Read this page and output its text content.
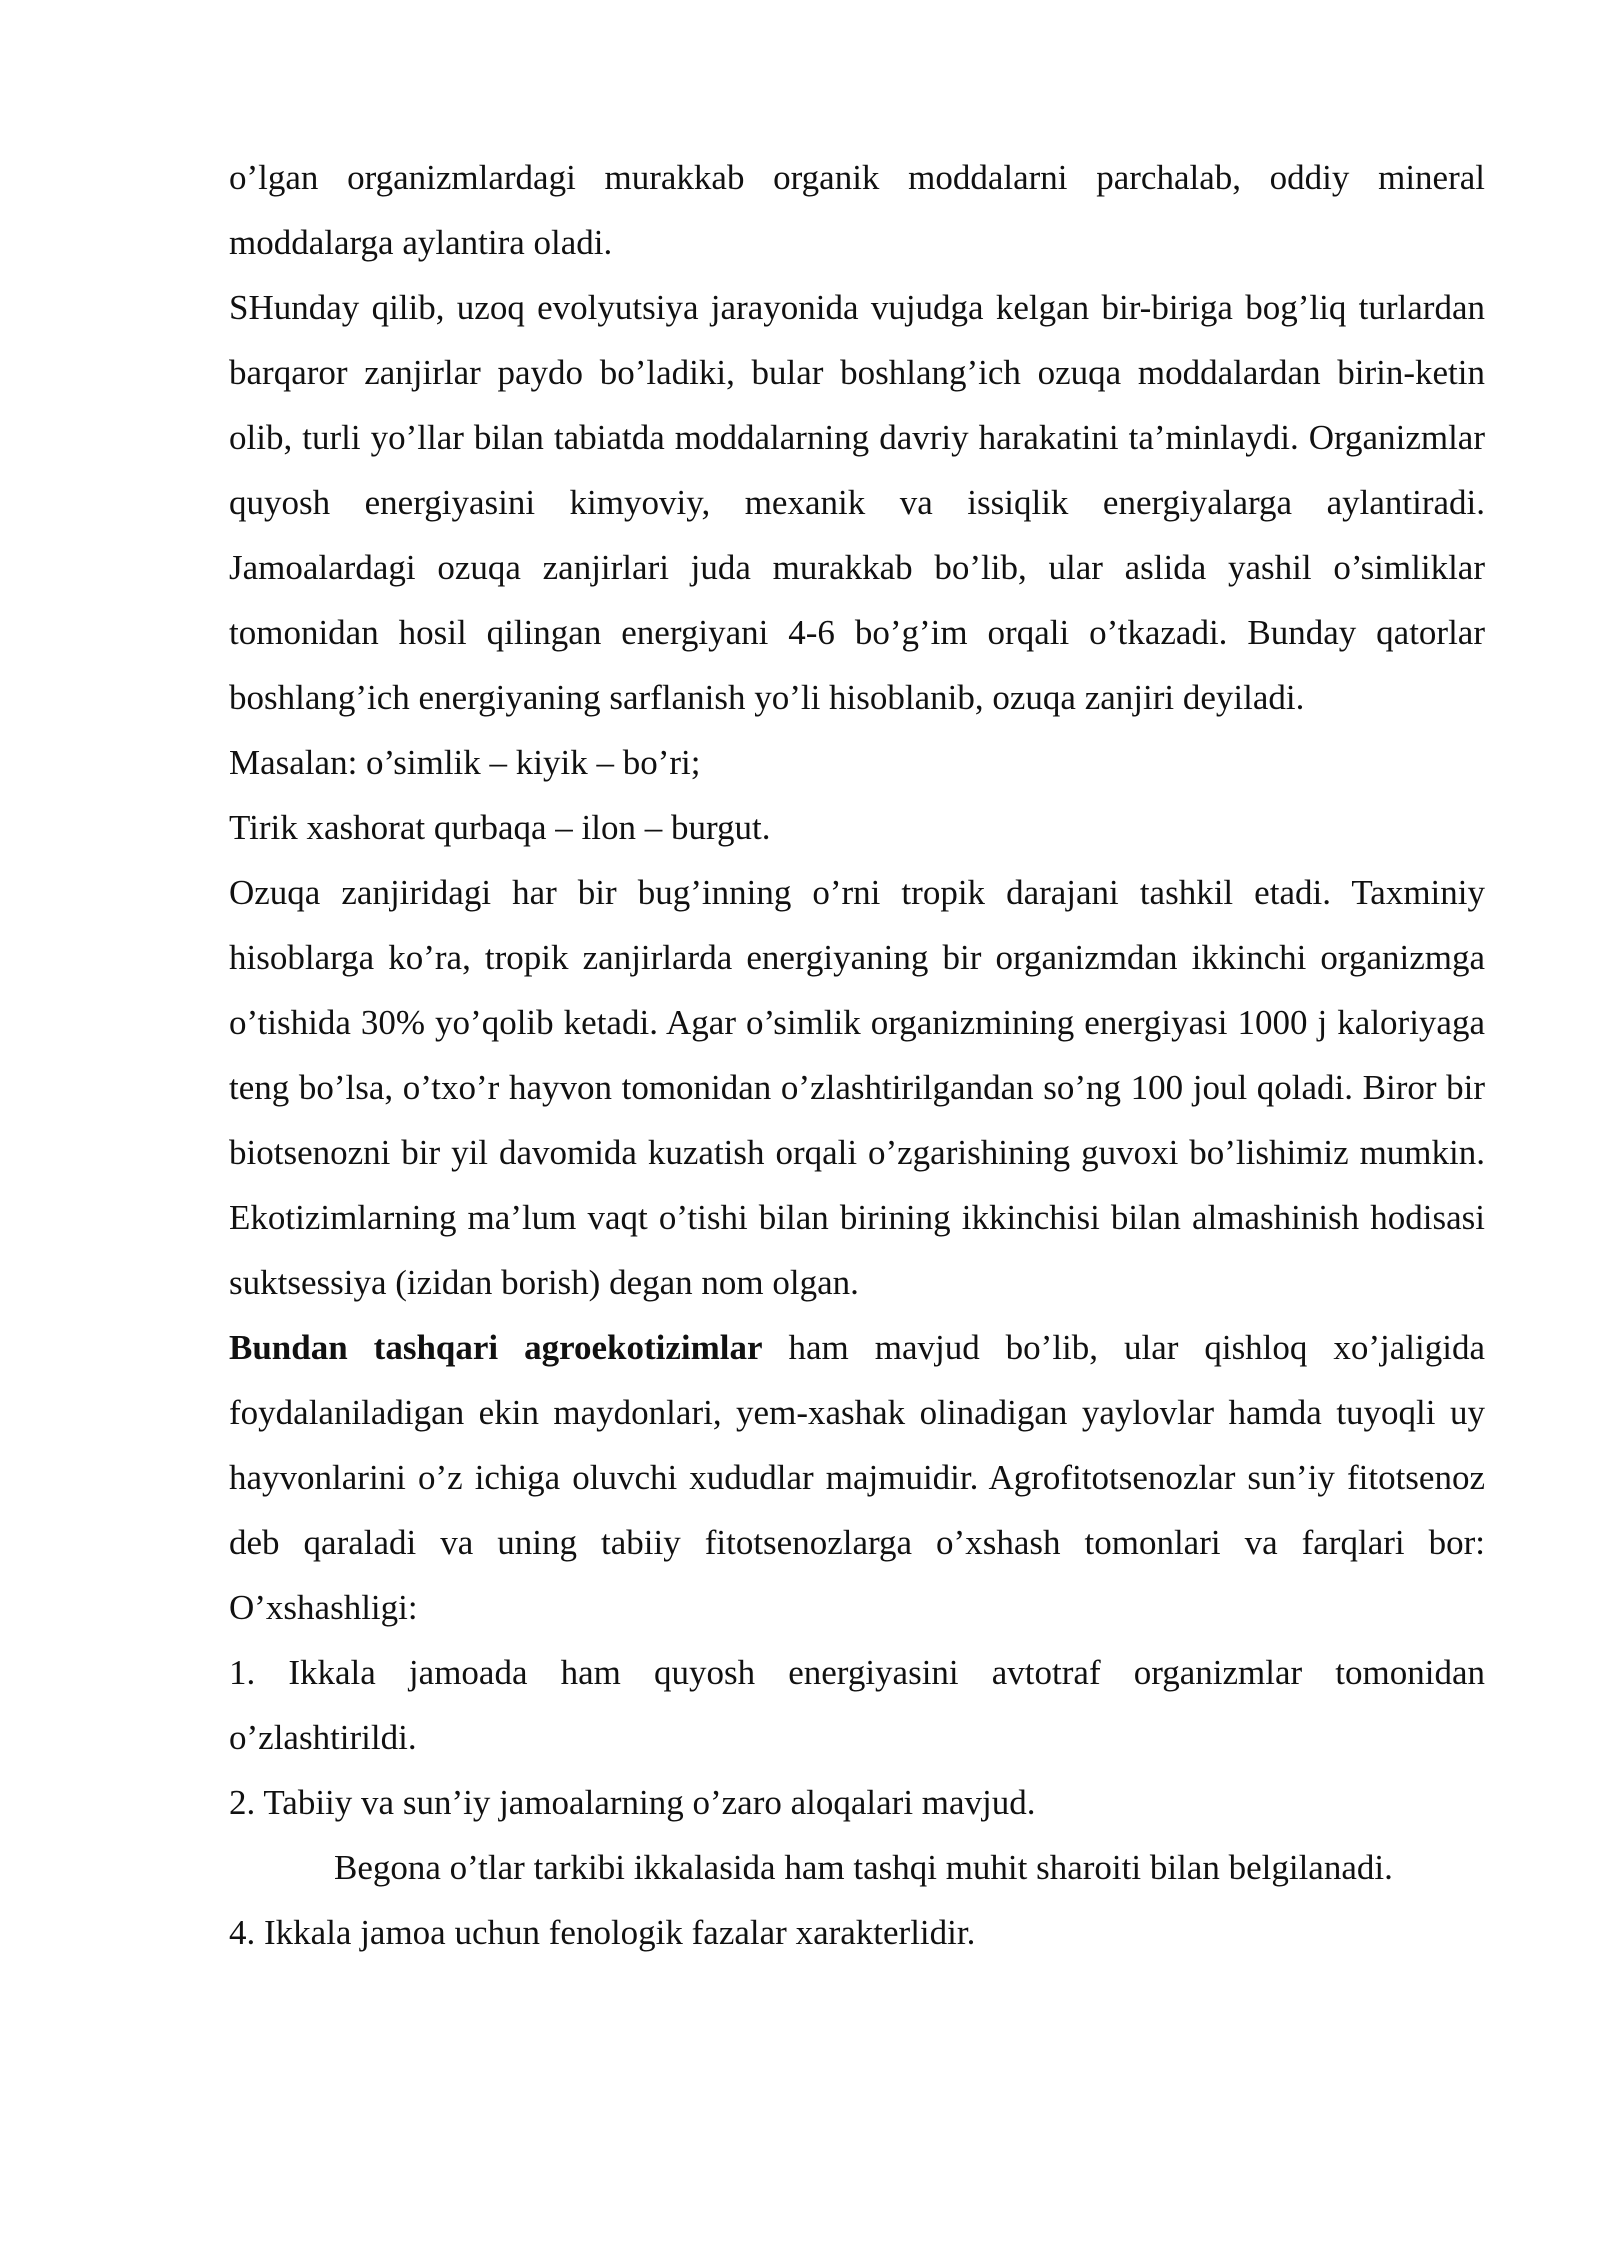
o’lgan organizmlardagi murakkab organik moddalarni parchalab, oddiy mineral moddalarga aylantira oladi.

SHunday qilib, uzoq evolyutsiya jarayonida vujudga kelgan bir-biriga bog’liq turlardan barqaror zanjirlar paydo bo’ladiki, bular boshlang’ich ozuqa moddalardan birin-ketin olib, turli yo’llar bilan tabiatda moddalarning davriy harakatini ta’minlaydi. Organizmlar quyosh energiyasini kimyoviy, mexanik va issiqlik energiyalarga aylantiradi. Jamoalardagi ozuqa zanjirlari juda murakkab bo’lib, ular aslida yashil o’simliklar tomonidan hosil qilingan energiyani 4-6 bo’g’im orqali o’tkazadi. Bunday qatorlar boshlang’ich energiyaning sarflanish yo’li hisoblanib, ozuqa zanjiri deyiladi.

Masalan: o’simlik – kiyik – bo’ri;

Tirik xashorat qurbaqa – ilon – burgut.

Ozuqa zanjiridagi har bir bug’inning o’rni tropik darajani tashkil etadi. Taxminiy hisoblarga ko’ra, tropik zanjirlarda energiyaning bir organizmdan ikkinchi organizmga o’tishida 30% yo’qolib ketadi. Agar o’simlik organizmining energiyasi 1000 j kaloriyaga teng bo’lsa, o’txo’r hayvon tomonidan o’zlashtirilgandan so’ng 100 joul qoladi. Biror bir biotsenozni bir yil davomida kuzatish orqali o’zgarishining guvoxi bo’lishimiz mumkin. Ekotizimlarning ma’lum vaqt o’tishi bilan birining ikkinchisi bilan almashinish hodisasi suktsessiya (izidan borish) degan nom olgan.

Bundan tashqari agroekotizimlar ham mavjud bo’lib, ular qishloq xo’jaligida foydalaniladigan ekin maydonlari, yem-xashak olinadigan yaylovlar hamda tuyoqli uy hayvonlarini o’z ichiga oluvchi xududlar majmuidir. Agrofitotsenozlar sun’iy fitotsenoz deb qaraladi va uning tabiiy fitotsenozlarga o’xshash tomonlari va farqlari bor: O’xshashligi:

1. Ikkala jamoada ham quyosh energiyasini avtotraf organizmlar tomonidan o’zlashtirildi.

2. Tabiiy va sun’iy jamoalarning o’zaro aloqalari mavjud.

Begona o’tlar tarkibi ikkalasida ham tashqi muhit sharoiti bilan belgilanadi.

4. Ikkala jamoa uchun fenologik fazalar xarakterlidir.
